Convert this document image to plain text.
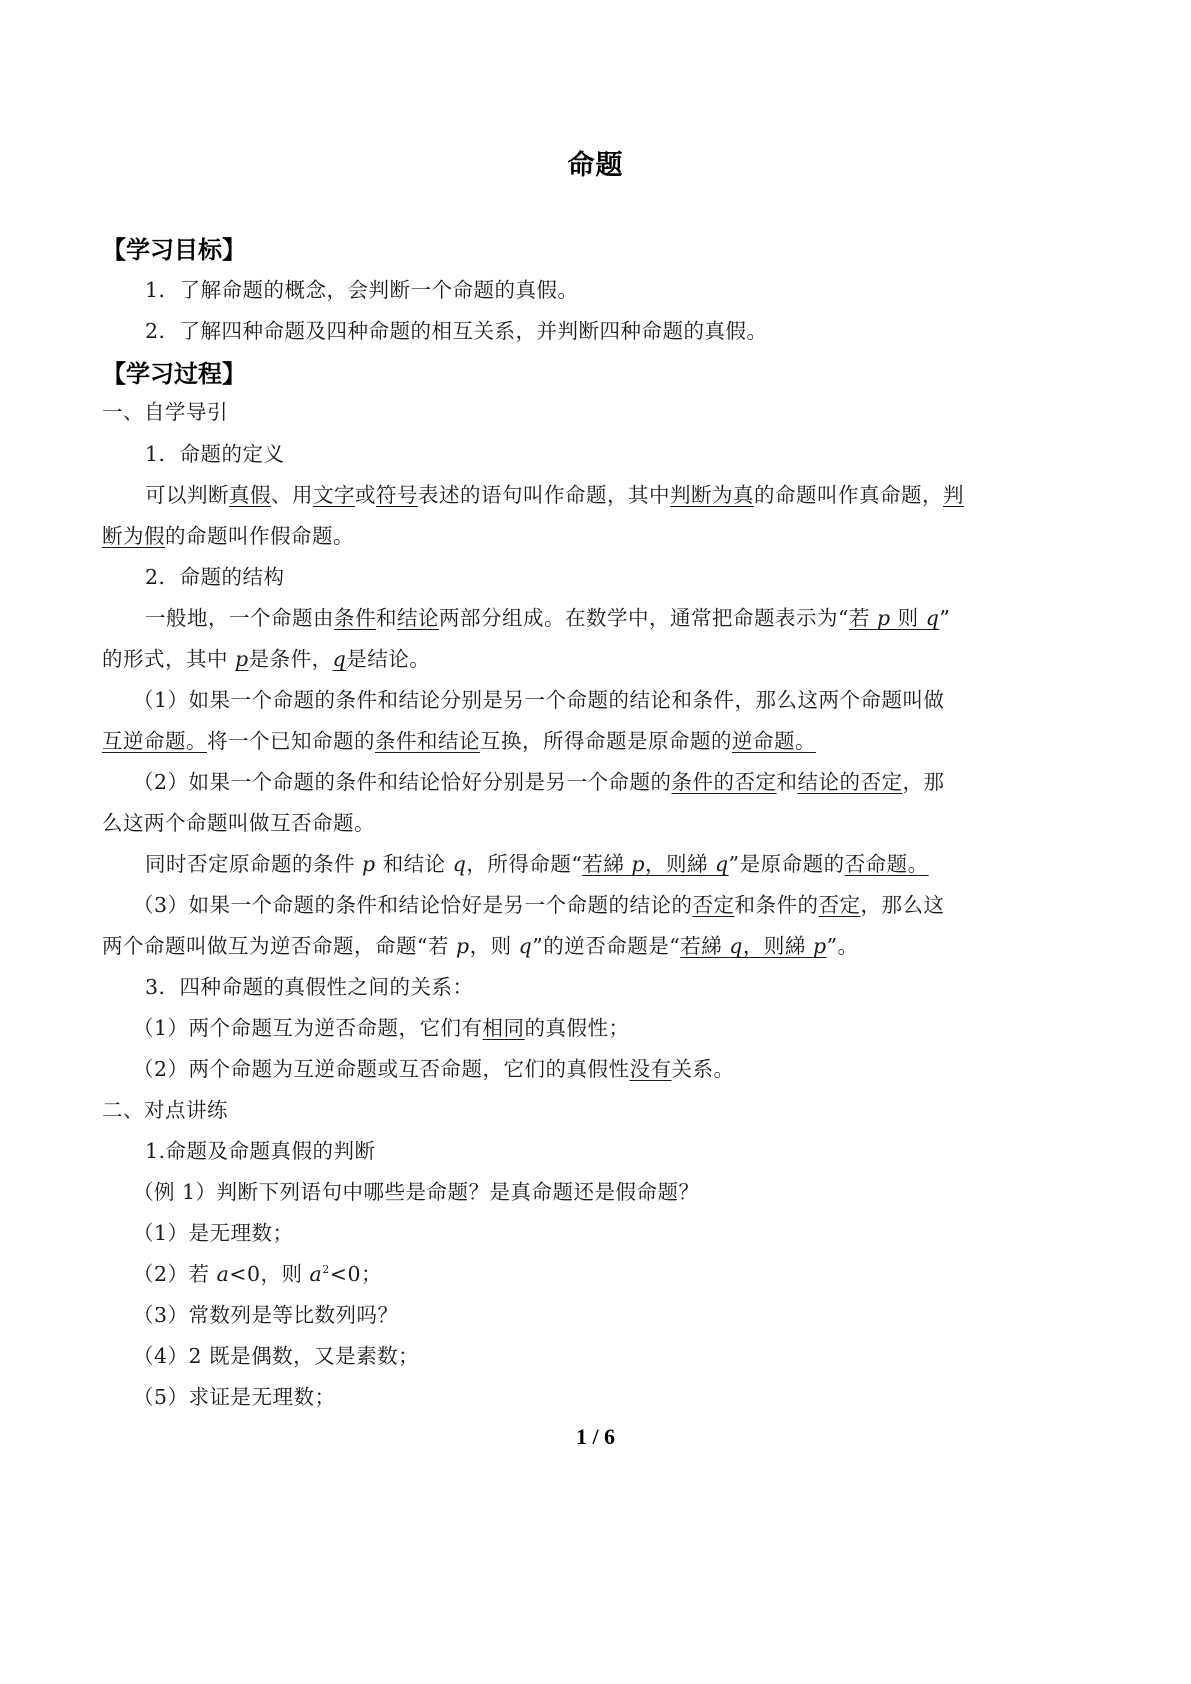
命题
【学习目标】
1．了解命题的概念，会判断一个命题的真假。
2．了解四种命题及四种命题的相互关系，并判断四种命题的真假。
【学习过程】
一、自学导引
1．命题的定义
可以判断真假、用文字或符号表述的语句叫作命题，其中判断为真的命题叫作真命题，判
断为假的命题叫作假命题。
2．命题的结构
一般地，一个命题由条件和结论两部分组成。在数学中，通常把命题表示为“若 p 则 q”
的形式，其中 p是条件，q是结论。
（1）如果一个命题的条件和结论分别是另一个命题的结论和条件，那么这两个命题叫做
互逆命题。将一个已知命题的条件和结论互换，所得命题是原命题的逆命题。
（2）如果一个命题的条件和结论恰好分别是另一个命题的条件的否定和结论的否定，那
么这两个命题叫做互否命题。
同时否定原命题的条件 p 和结论 q，所得命题“若綈 p，则綈 q”是原命题的否命题。
（3）如果一个命题的条件和结论恰好是另一个命题的结论的否定和条件的否定，那么这
两个命题叫做互为逆否命题，命题“若 p，则 q”的逆否命题是“若綈 q，则綈 p”。
3．四种命题的真假性之间的关系：
（1）两个命题互为逆否命题，它们有相同的真假性；
（2）两个命题为互逆命题或互否命题，它们的真假性没有关系。
二、对点讲练
1.命题及命题真假的判断
（例 1）判断下列语句中哪些是命题？是真命题还是假命题？
（1）是无理数；
（2）若 a<0，则 $a^2<0$；
（3）常数列是等比数列吗？
（4）2 既是偶数，又是素数；
（5）求证是无理数；
1 / 6
